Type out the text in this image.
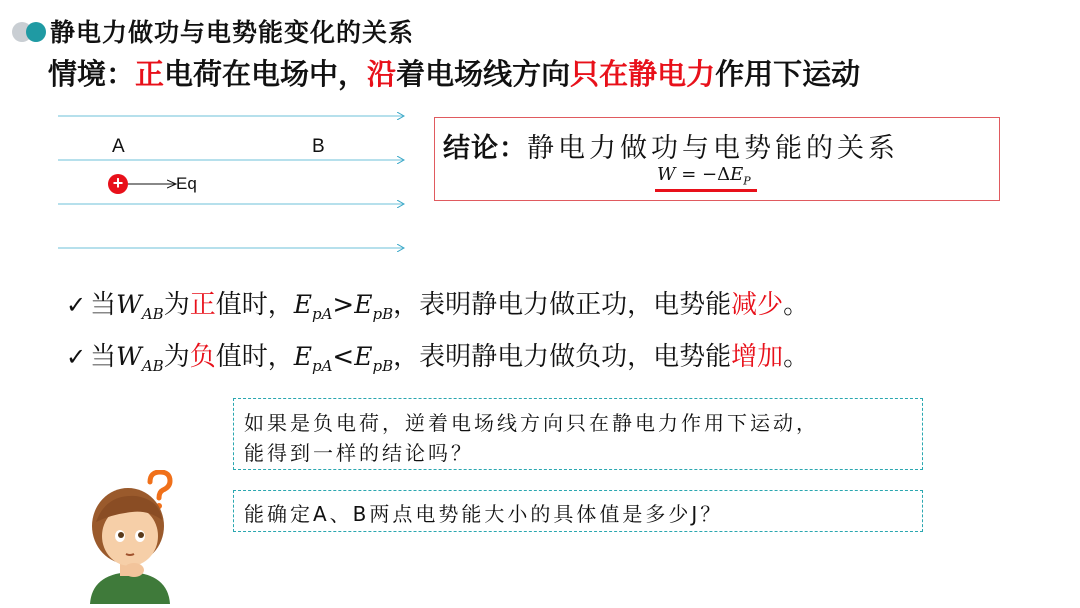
静电力做功与电势能变化的关系
情境：正电荷在电场中，沿着电场线方向只在静电力作用下运动
A	B
+	Eq
结论：静电力做功与电势能的关系
$W = -\Delta E_P$
✓ 当$W_{AB}$为正值时，$E_{pA}>E_{pB}$，表明静电力做正功，电势能减少。
✓ 当$W_{AB}$为负值时，$E_{pA}<E_{pB}$，表明静电力做负功，电势能增加。
如果是负电荷，逆着电场线方向只在静电力作用下运动，
能得到一样的结论吗？
能确定A、B两点电势能大小的具体值是多少J？
